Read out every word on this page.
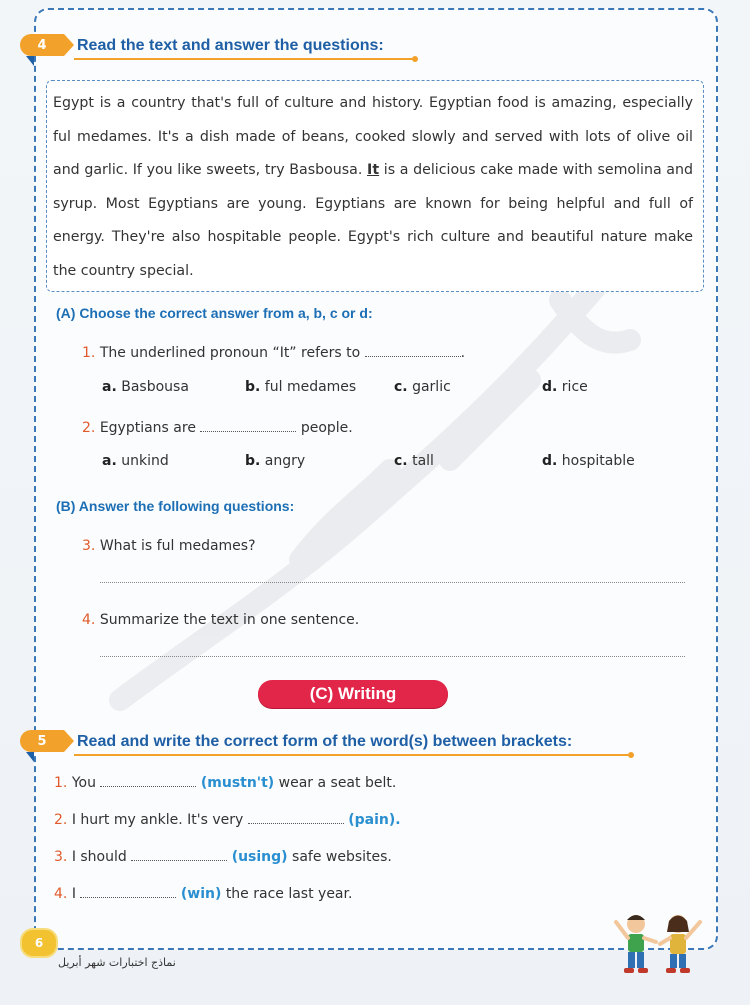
4	Read the text and answer the questions:

Egypt is a country that's full of culture and history. Egyptian food is amazing, especially ful medames. It's a dish made of beans, cooked slowly and served with lots of olive oil and garlic. If you like sweets, try Basbousa. It is a delicious cake made with semolina and syrup. Most Egyptians are young. Egyptians are known for being helpful and full of energy. They're also hospitable people. Egypt's rich culture and beautiful nature make the country special.

(A) Choose the correct answer from a, b, c or d:
1. The underlined pronoun “It” refers to	.
a. Basbousa	b. ful medames	c. garlic	d. rice
2. Egyptians are	people.
a. unkind	b. angry	c. tall	d. hospitable
(B) Answer the following questions:
3. What is ful medames?
4. Summarize the text in one sentence.
(C) Writing
5	Read and write the correct form of the word(s) between brackets:
1. You	(mustn't) wear a seat belt.
2. I hurt my ankle. It's very	(pain).
3. I should	(using) safe websites.
4. I	(win) the race last year.
6
نماذج اختبارات شهر أبريل
